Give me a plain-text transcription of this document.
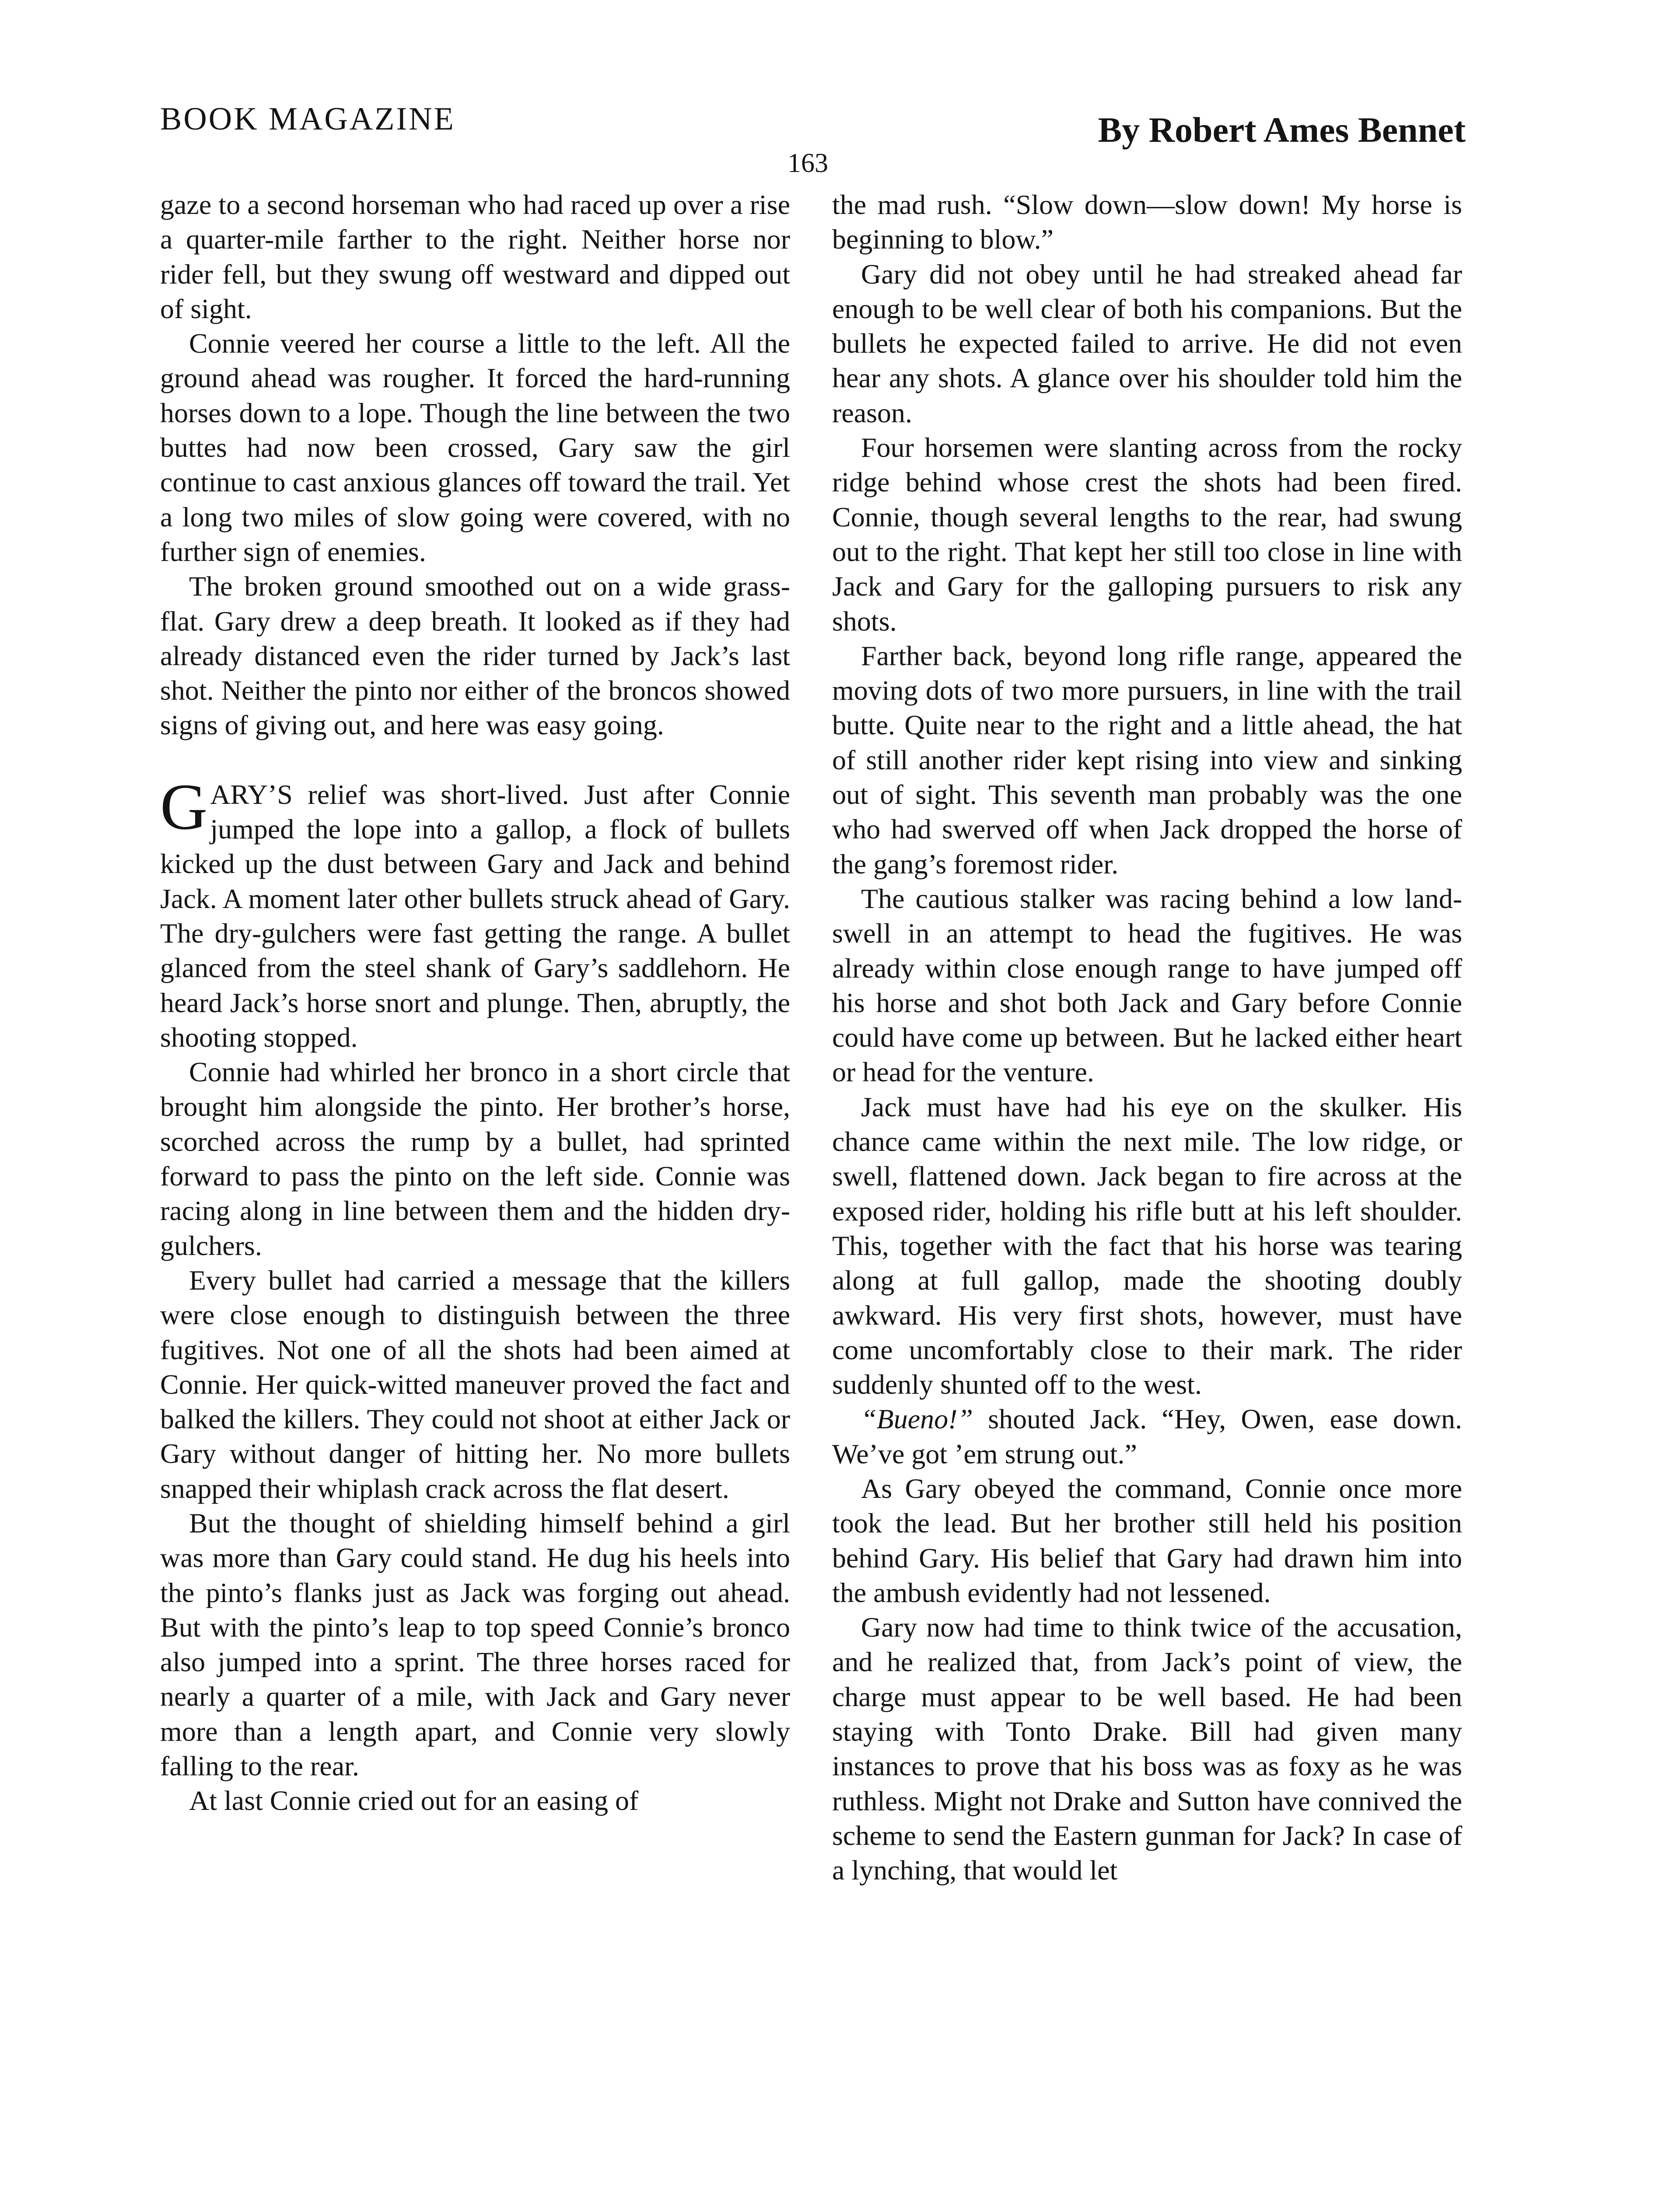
BOOK MAGAZINE	By Robert Ames Bennet
163

gaze to a second horseman who had raced up over a rise a quarter-mile farther to the right. Neither horse nor rider fell, but they swung off westward and dipped out of sight.

Connie veered her course a little to the left. All the ground ahead was rougher. It forced the hard-running horses down to a lope. Though the line between the two buttes had now been crossed, Gary saw the girl continue to cast anxious glances off toward the trail. Yet a long two miles of slow going were covered, with no further sign of enemies.

The broken ground smoothed out on a wide grass-flat. Gary drew a deep breath. It looked as if they had already distanced even the rider turned by Jack’s last shot. Neither the pinto nor either of the broncos showed signs of giving out, and here was easy going.

GARY’S relief was short-lived. Just after Connie jumped the lope into a gallop, a flock of bullets kicked up the dust between Gary and Jack and behind Jack. A moment later other bullets struck ahead of Gary. The dry-gulchers were fast getting the range. A bullet glanced from the steel shank of Gary’s saddlehorn. He heard Jack’s horse snort and plunge. Then, abruptly, the shooting stopped.

Connie had whirled her bronco in a short circle that brought him alongside the pinto. Her brother’s horse, scorched across the rump by a bullet, had sprinted forward to pass the pinto on the left side. Connie was racing along in line between them and the hidden dry-gulchers.

Every bullet had carried a message that the killers were close enough to distinguish between the three fugitives. Not one of all the shots had been aimed at Connie. Her quick-witted maneuver proved the fact and balked the killers. They could not shoot at either Jack or Gary without danger of hitting her. No more bullets snapped their whiplash crack across the flat desert.

But the thought of shielding himself behind a girl was more than Gary could stand. He dug his heels into the pinto’s flanks just as Jack was forging out ahead. But with the pinto’s leap to top speed Connie’s bronco also jumped into a sprint. The three horses raced for nearly a quarter of a mile, with Jack and Gary never more than a length apart, and Connie very slowly falling to the rear.

At last Connie cried out for an easing of

the mad rush. “Slow down—slow down! My horse is beginning to blow.”

Gary did not obey until he had streaked ahead far enough to be well clear of both his companions. But the bullets he expected failed to arrive. He did not even hear any shots. A glance over his shoulder told him the reason.

Four horsemen were slanting across from the rocky ridge behind whose crest the shots had been fired. Connie, though several lengths to the rear, had swung out to the right. That kept her still too close in line with Jack and Gary for the galloping pursuers to risk any shots.

Farther back, beyond long rifle range, appeared the moving dots of two more pursuers, in line with the trail butte. Quite near to the right and a little ahead, the hat of still another rider kept rising into view and sinking out of sight. This seventh man probably was the one who had swerved off when Jack dropped the horse of the gang’s foremost rider.

The cautious stalker was racing behind a low land-swell in an attempt to head the fugitives. He was already within close enough range to have jumped off his horse and shot both Jack and Gary before Connie could have come up between. But he lacked either heart or head for the venture.

Jack must have had his eye on the skulker. His chance came within the next mile. The low ridge, or swell, flattened down. Jack began to fire across at the exposed rider, holding his rifle butt at his left shoulder. This, together with the fact that his horse was tearing along at full gallop, made the shooting doubly awkward. His very first shots, however, must have come uncomfortably close to their mark. The rider suddenly shunted off to the west.

“Bueno!” shouted Jack. “Hey, Owen, ease down. We’ve got ’em strung out.”

As Gary obeyed the command, Connie once more took the lead. But her brother still held his position behind Gary. His belief that Gary had drawn him into the ambush evidently had not lessened.

Gary now had time to think twice of the accusation, and he realized that, from Jack’s point of view, the charge must appear to be well based. He had been staying with Tonto Drake. Bill had given many instances to prove that his boss was as foxy as he was ruthless. Might not Drake and Sutton have connived the scheme to send the Eastern gunman for Jack? In case of a lynching, that would let
